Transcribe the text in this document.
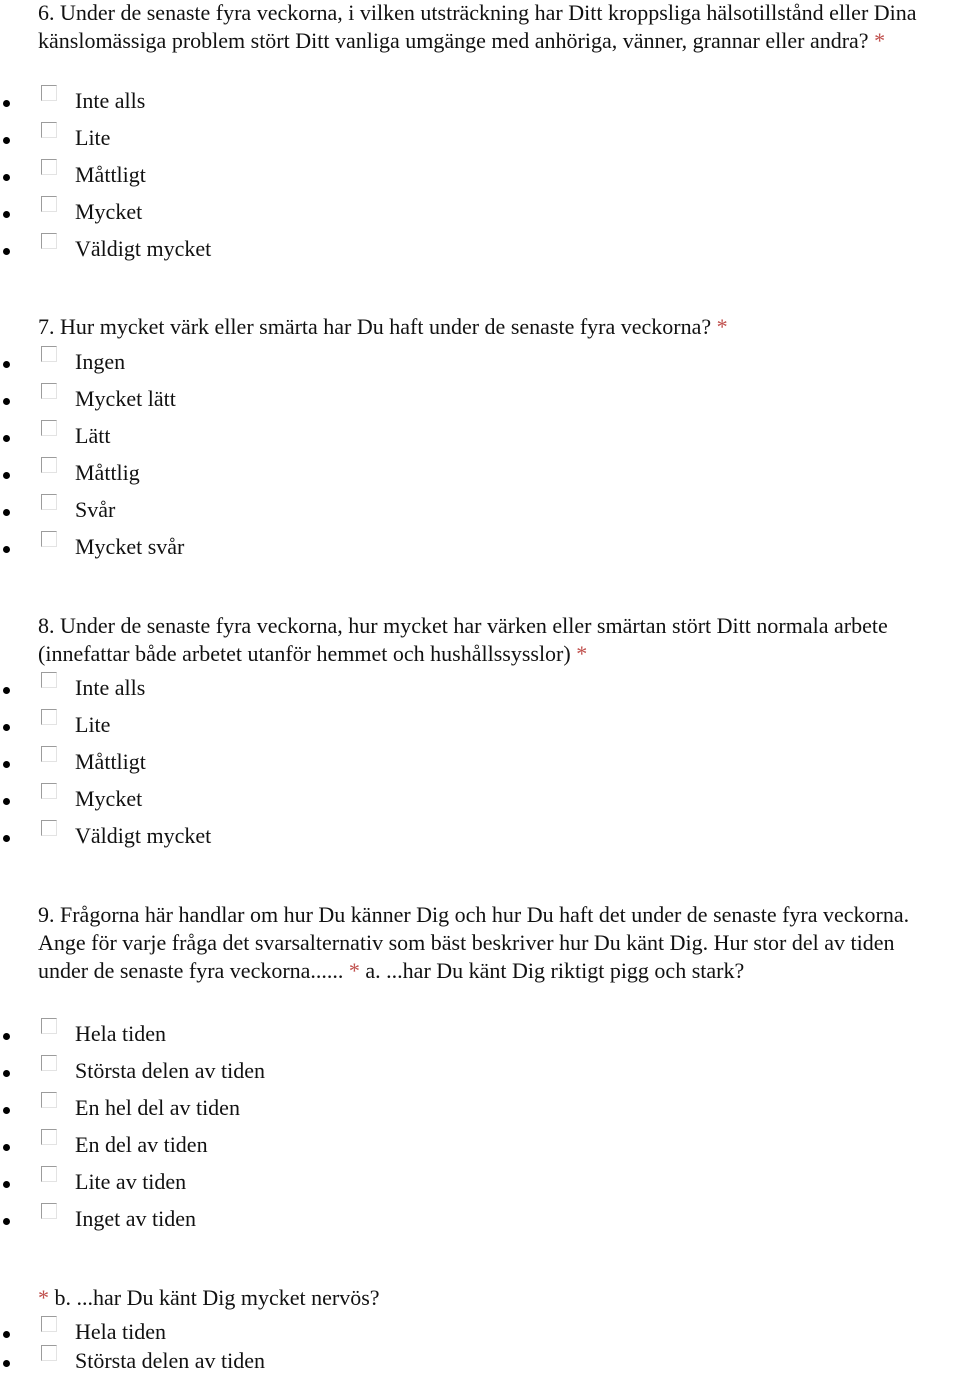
6. Under de senaste fyra veckorna, i vilken utsträckning har Ditt kroppsliga hälsotillstånd eller Dina känslomässiga problem stört Ditt vanliga umgänge med anhöriga, vänner, grannar eller andra? *

Inte alls
Lite
Måttligt
Mycket
Väldigt mycket

7. Hur mycket värk eller smärta har Du haft under de senaste fyra veckorna? *

Ingen
Mycket lätt
Lätt
Måttlig
Svår
Mycket svår

8. Under de senaste fyra veckorna, hur mycket har värken eller smärtan stört Ditt normala arbete (innefattar både arbetet utanför hemmet och hushållssysslor) *

Inte alls
Lite
Måttligt
Mycket
Väldigt mycket

9. Frågorna här handlar om hur Du känner Dig och hur Du haft det under de senaste fyra veckorna. Ange för varje fråga det svarsalternativ som bäst beskriver hur Du känt Dig. Hur stor del av tiden under de senaste fyra veckorna...... * a. ...har Du känt Dig riktigt pigg och stark?

Hela tiden
Största delen av tiden
En hel del av tiden
En del av tiden
Lite av tiden
Inget av tiden

* b. ...har Du känt Dig mycket nervös?

Hela tiden
Största delen av tiden
